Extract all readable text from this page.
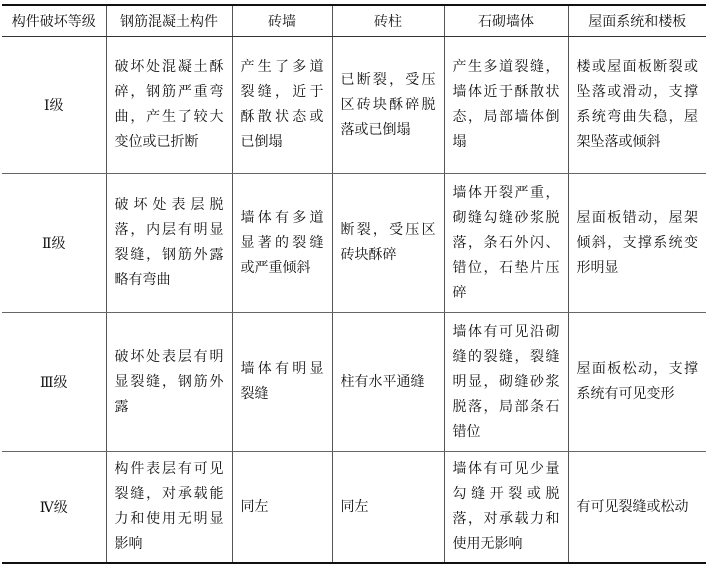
构件破坏等级	钢筋混凝土构件	砖墙	砖柱	石砌墙体	屋面系统和楼板
Ⅰ级	破坏处混凝土酥碎，钢筋严重弯曲，产生了较大变位或已折断	产生了多道裂缝，近于酥散状态或已倒塌	已断裂，受压区砖块酥碎脱落或已倒塌	产生多道裂缝，墙体近于酥散状态，局部墙体倒塌	楼或屋面板断裂或坠落或滑动，支撑系统弯曲失稳，屋架坠落或倾斜
Ⅱ级	破坏处表层脱落，内层有明显裂缝，钢筋外露略有弯曲	墙体有多道显著的裂缝或严重倾斜	断裂，受压区砖块酥碎	墙体开裂严重，砌缝勾缝砂浆脱落，条石外闪、错位，石垫片压碎	屋面板错动，屋架倾斜，支撑系统变形明显
Ⅲ级	破坏处表层有明显裂缝，钢筋外露	墙体有明显裂缝	柱有水平通缝	墙体有可见沿砌缝的裂缝，裂缝明显，砌缝砂浆脱落，局部条石错位	屋面板松动，支撑系统有可见变形
Ⅳ级	构件表层有可见裂缝，对承载能力和使用无明显影响	同左	同左	墙体有可见少量勾缝开裂或脱落，对承载力和使用无影响	有可见裂缝或松动
